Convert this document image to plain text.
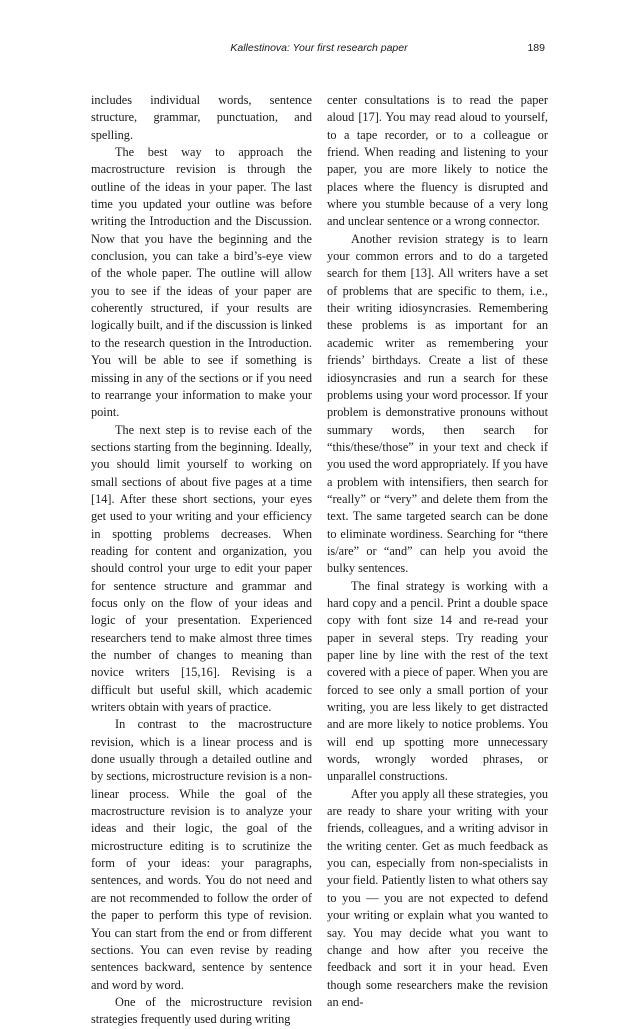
Kallestinova: Your first research paper	189

includes individual words, sentence structure, grammar, punctuation, and spelling.

The best way to approach the macrostructure revision is through the outline of the ideas in your paper. The last time you updated your outline was before writing the Introduction and the Discussion. Now that you have the beginning and the conclusion, you can take a bird’s-eye view of the whole paper. The outline will allow you to see if the ideas of your paper are coherently structured, if your results are logically built, and if the discussion is linked to the research question in the Introduction. You will be able to see if something is missing in any of the sections or if you need to rearrange your information to make your point.

The next step is to revise each of the sections starting from the beginning. Ideally, you should limit yourself to working on small sections of about five pages at a time [14]. After these short sections, your eyes get used to your writing and your efficiency in spotting problems decreases. When reading for content and organization, you should control your urge to edit your paper for sentence structure and grammar and focus only on the flow of your ideas and logic of your presentation. Experienced researchers tend to make almost three times the number of changes to meaning than novice writers [15,16]. Revising is a difficult but useful skill, which academic writers obtain with years of practice.

In contrast to the macrostructure revision, which is a linear process and is done usually through a detailed outline and by sections, microstructure revision is a non-linear process. While the goal of the macrostructure revision is to analyze your ideas and their logic, the goal of the microstructure editing is to scrutinize the form of your ideas: your paragraphs, sentences, and words. You do not need and are not recommended to follow the order of the paper to perform this type of revision. You can start from the end or from different sections. You can even revise by reading sentences backward, sentence by sentence and word by word.

One of the microstructure revision strategies frequently used during writing

center consultations is to read the paper aloud [17]. You may read aloud to yourself, to a tape recorder, or to a colleague or friend. When reading and listening to your paper, you are more likely to notice the places where the fluency is disrupted and where you stumble because of a very long and unclear sentence or a wrong connector.

Another revision strategy is to learn your common errors and to do a targeted search for them [13]. All writers have a set of problems that are specific to them, i.e., their writing idiosyncrasies. Remembering these problems is as important for an academic writer as remembering your friends’ birthdays. Create a list of these idiosyncrasies and run a search for these problems using your word processor. If your problem is demonstrative pronouns without summary words, then search for “this/these/those” in your text and check if you used the word appropriately. If you have a problem with intensifiers, then search for “really” or “very” and delete them from the text. The same targeted search can be done to eliminate wordiness. Searching for “there is/are” or “and” can help you avoid the bulky sentences.

The final strategy is working with a hard copy and a pencil. Print a double space copy with font size 14 and re-read your paper in several steps. Try reading your paper line by line with the rest of the text covered with a piece of paper. When you are forced to see only a small portion of your writing, you are less likely to get distracted and are more likely to notice problems. You will end up spotting more unnecessary words, wrongly worded phrases, or unparallel constructions.

After you apply all these strategies, you are ready to share your writing with your friends, colleagues, and a writing advisor in the writing center. Get as much feedback as you can, especially from non-specialists in your field. Patiently listen to what others say to you — you are not expected to defend your writing or explain what you wanted to say. You may decide what you want to change and how after you receive the feedback and sort it in your head. Even though some researchers make the revision an end-
